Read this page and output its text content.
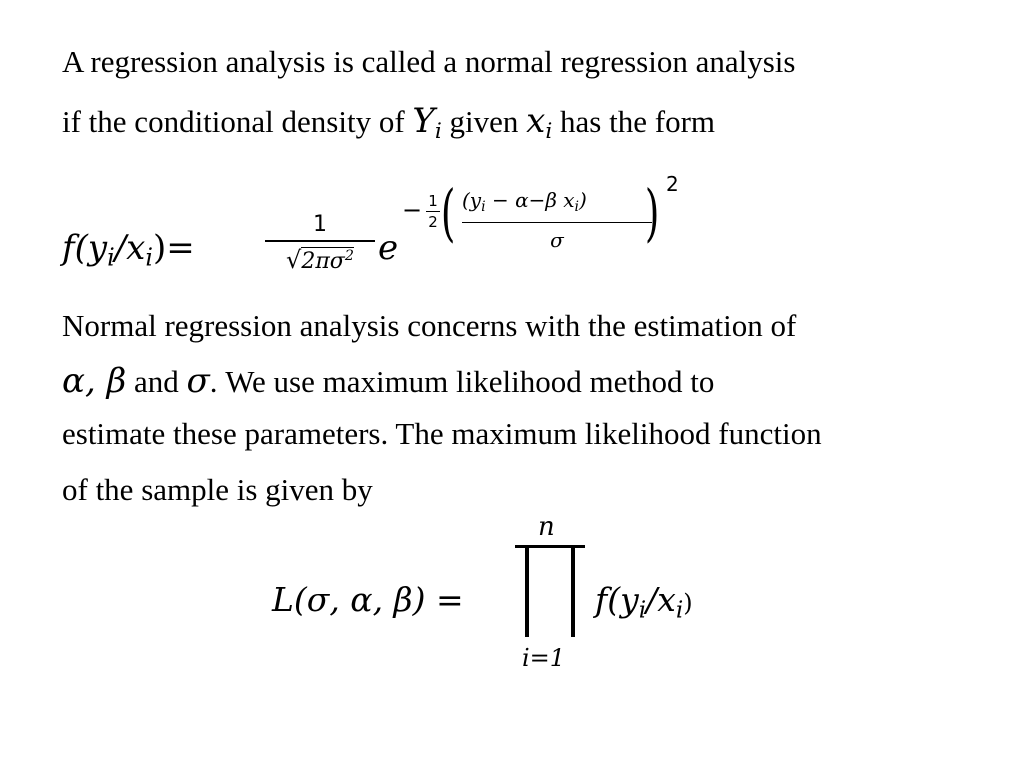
A regression analysis is called a normal regression analysis
if the conditional density of $Y_i$ given $x_i$ has the form
$f(y_i/x_i)=$
1
$√2\pi\sigma^2$ e
− 1
2 ( ($y_i - \alpha-\beta$ $x_i$)
σ	) 2
Normal regression analysis concerns with the estimation of
α, β and σ. We use maximum likelihood method to
estimate these parameters. The maximum likelihood function
of the sample is given by
L(σ, α, β) =
n
i=1
$f(y_i/x_i)$
